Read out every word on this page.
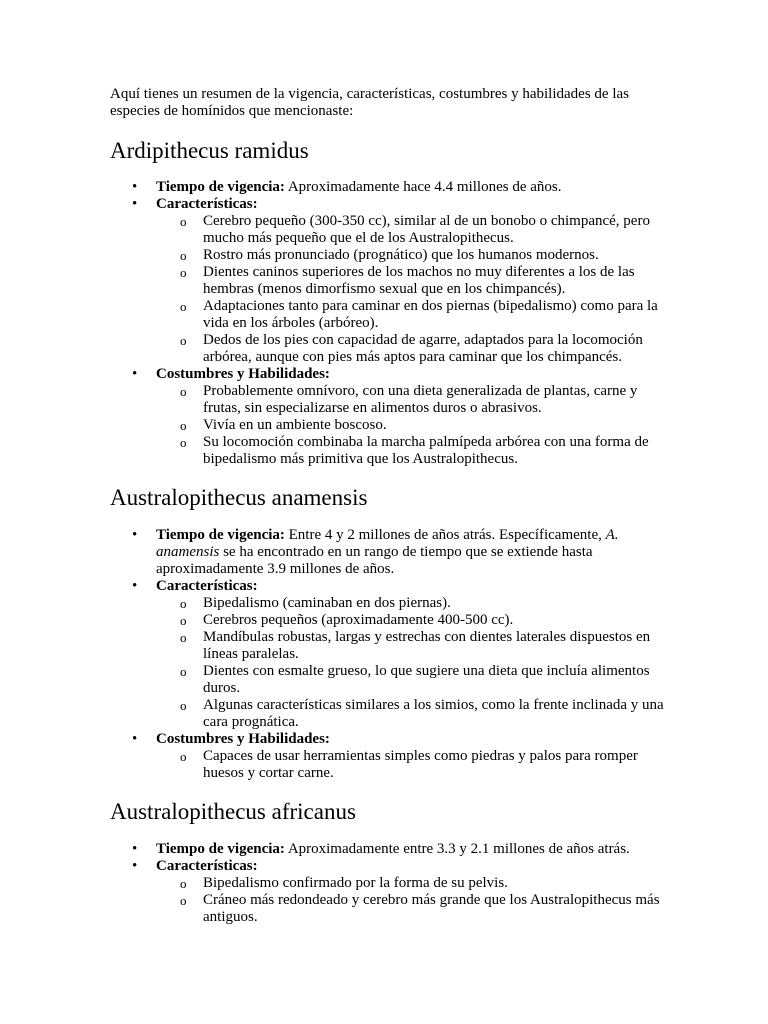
Aquí tienes un resumen de la vigencia, características, costumbres y habilidades de las especies de homínidos que mencionaste:

Ardipithecus ramidus
• Tiempo de vigencia: Aproximadamente hace 4.4 millones de años.
• Características:
o Cerebro pequeño (300-350 cc), similar al de un bonobo o chimpancé, pero mucho más pequeño que el de los Australopithecus.
o Rostro más pronunciado (prognático) que los humanos modernos.
o Dientes caninos superiores de los machos no muy diferentes a los de las hembras (menos dimorfismo sexual que en los chimpancés).
o Adaptaciones tanto para caminar en dos piernas (bipedalismo) como para la vida en los árboles (arbóreo).
o Dedos de los pies con capacidad de agarre, adaptados para la locomoción arbórea, aunque con pies más aptos para caminar que los chimpancés.
• Costumbres y Habilidades:
o Probablemente omnívoro, con una dieta generalizada de plantas, carne y frutas, sin especializarse en alimentos duros o abrasivos.
o Vivía en un ambiente boscoso.
o Su locomoción combinaba la marcha palmípeda arbórea con una forma de bipedalismo más primitiva que los Australopithecus.
Australopithecus anamensis
• Tiempo de vigencia: Entre 4 y 2 millones de años atrás. Específicamente, A. anamensis se ha encontrado en un rango de tiempo que se extiende hasta aproximadamente 3.9 millones de años.
• Características:
o Bipedalismo (caminaban en dos piernas).
o Cerebros pequeños (aproximadamente 400-500 cc).
o Mandíbulas robustas, largas y estrechas con dientes laterales dispuestos en líneas paralelas.
o Dientes con esmalte grueso, lo que sugiere una dieta que incluía alimentos duros.
o Algunas características similares a los simios, como la frente inclinada y una cara prognática.
• Costumbres y Habilidades:
o Capaces de usar herramientas simples como piedras y palos para romper huesos y cortar carne.
Australopithecus africanus
• Tiempo de vigencia: Aproximadamente entre 3.3 y 2.1 millones de años atrás.
• Características:
o Bipedalismo confirmado por la forma de su pelvis.
o Cráneo más redondeado y cerebro más grande que los Australopithecus más antiguos.
